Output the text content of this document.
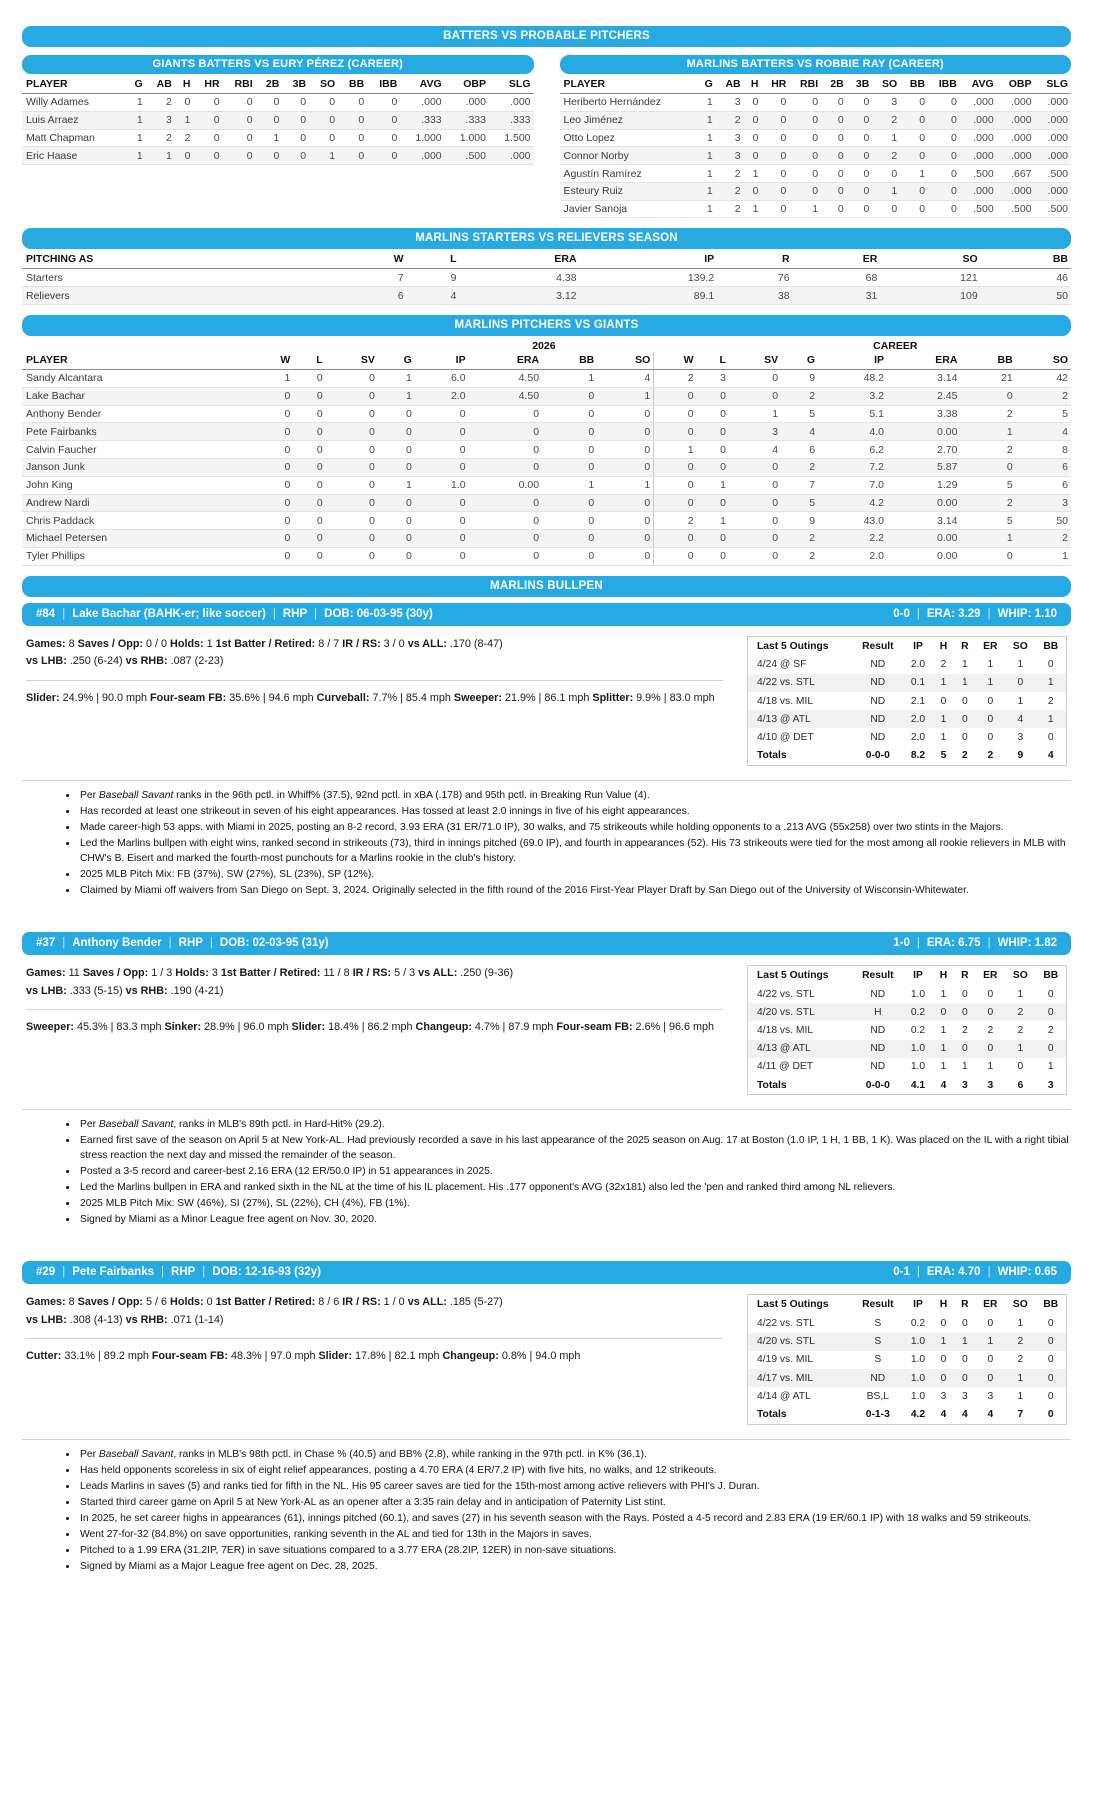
BATTERS VS PROBABLE PITCHERS
GIANTS BATTERS VS EURY PÉREZ (CAREER)
PLAYER	G	AB	H	HR	RBI	2B	3B	SO	BB	IBB	AVG	OBP	SLG
Willy Adames	1	2	0	0	0	0	0	0	0	0	.000	.000	.000
Luis Arraez	1	3	1	0	0	0	0	0	0	0	.333	.333	.333
Matt Chapman	1	2	2	0	0	1	0	0	0	0	1.000	1.000	1.500
Eric Haase	1	1	0	0	0	0	0	1	0	0	.000	.500	.000
MARLINS BATTERS VS ROBBIE RAY (CAREER)
PLAYER	G	AB	H	HR	RBI	2B	3B	SO	BB	IBB	AVG	OBP	SLG
Heriberto Hernández	1	3	0	0	0	0	0	3	0	0	.000	.000	.000
Leo Jiménez	1	2	0	0	0	0	0	2	0	0	.000	.000	.000
Otto Lopez	1	3	0	0	0	0	0	1	0	0	.000	.000	.000
Connor Norby	1	3	0	0	0	0	0	2	0	0	.000	.000	.000
Agustín Ramírez	1	2	1	0	0	0	0	0	1	0	.500	.667	.500
Esteury Ruiz	1	2	0	0	0	0	0	1	0	0	.000	.000	.000
Javier Sanoja	1	2	1	0	1	0	0	0	0	0	.500	.500	.500
MARLINS STARTERS VS RELIEVERS SEASON
PITCHING AS	W	L	ERA	IP	R	ER	SO	BB
Starters	7	9	4.38	139.2	76	68	121	46
Relievers	6	4	3.12	89.1	38	31	109	50
MARLINS PITCHERS VS GIANTS
2026	CAREER
PLAYER	W	L	SV	G	IP	ERA	BB	SO	W	L	SV	G	IP	ERA	BB	SO
Sandy Alcantara	1	0	0	1	6.0	4.50	1	4	2	3	0	9	48.2	3.14	21	42
Lake Bachar	0	0	0	1	2.0	4.50	0	1	0	0	0	2	3.2	2.45	0	2
Anthony Bender	0	0	0	0	0	0	0	0	0	0	1	5	5.1	3.38	2	5
Pete Fairbanks	0	0	0	0	0	0	0	0	0	0	3	4	4.0	0.00	1	4
Calvin Faucher	0	0	0	0	0	0	0	0	1	0	4	6	6.2	2.70	2	8
Janson Junk	0	0	0	0	0	0	0	0	0	0	0	2	7.2	5.87	0	6
John King	0	0	0	1	1.0	0.00	1	1	0	1	0	7	7.0	1.29	5	6
Andrew Nardi	0	0	0	0	0	0	0	0	0	0	0	5	4.2	0.00	2	3
Chris Paddack	0	0	0	0	0	0	0	0	2	1	0	9	43.0	3.14	5	50
Michael Petersen	0	0	0	0	0	0	0	0	0	0	0	2	2.2	0.00	1	2
Tyler Phillips	0	0	0	0	0	0	0	0	0	0	0	2	2.0	0.00	0	1
MARLINS BULLPEN
#84 | Lake Bachar (BAHK-er; like soccer) | RHP | DOB: 06-03-95 (30y)	0-0 | ERA: 3.29 | WHIP: 1.10
Games: 8 Saves / Opp: 0 / 0 Holds: 1 1st Batter / Retired: 8 / 7 IR / RS: 3 / 0 vs ALL: .170 (8-47)
vs LHB: .250 (6-24) vs RHB: .087 (2-23)
Slider: 24.9% | 90.0 mph Four-seam FB: 35.6% | 94.6 mph Curveball: 7.7% | 85.4 mph Sweeper: 21.9% | 86.1 mph Splitter: 9.9% | 83.0 mph
Last 5 Outings	Result	IP	H	R	ER	SO	BB
4/24 @ SF	ND	2.0	2	1	1	1	0
4/22 vs. STL	ND	0.1	1	1	1	0	1
4/18 vs. MIL	ND	2.1	0	0	0	1	2
4/13 @ ATL	ND	2.0	1	0	0	4	1
4/10 @ DET	ND	2.0	1	0	0	3	0
Totals	0-0-0	8.2	5	2	2	9	4
• Per Baseball Savant ranks in the 96th pctl. in Whiff% (37.5), 92nd pctl. in xBA (.178) and 95th pctl. in Breaking Run Value (4).
• Has recorded at least one strikeout in seven of his eight appearances. Has tossed at least 2.0 innings in five of his eight appearances.
• Made career-high 53 apps. with Miami in 2025, posting an 8-2 record, 3.93 ERA (31 ER/71.0 IP), 30 walks, and 75 strikeouts while holding opponents to a .213 AVG (55x258) over two stints in the Majors.
• Led the Marlins bullpen with eight wins, ranked second in strikeouts (73), third in innings pitched (69.0 IP), and fourth in appearances (52). His 73 strikeouts were tied for the most among all rookie relievers in MLB with CHW's B. Eisert and marked the fourth-most punchouts for a Marlins rookie in the club's history.
• 2025 MLB Pitch Mix: FB (37%), SW (27%), SL (23%), SP (12%).
• Claimed by Miami off waivers from San Diego on Sept. 3, 2024. Originally selected in the fifth round of the 2016 First-Year Player Draft by San Diego out of the University of Wisconsin-Whitewater.
#37 | Anthony Bender | RHP | DOB: 02-03-95 (31y)	1-0 | ERA: 6.75 | WHIP: 1.82
Games: 11 Saves / Opp: 1 / 3 Holds: 3 1st Batter / Retired: 11 / 8 IR / RS: 5 / 3 vs ALL: .250 (9-36)
vs LHB: .333 (5-15) vs RHB: .190 (4-21)
Sweeper: 45.3% | 83.3 mph Sinker: 28.9% | 96.0 mph Slider: 18.4% | 86.2 mph Changeup: 4.7% | 87.9 mph Four-seam FB: 2.6% | 96.6 mph
Last 5 Outings	Result	IP	H	R	ER	SO	BB
4/22 vs. STL	ND	1.0	1	0	0	1	0
4/20 vs. STL	H	0.2	0	0	0	2	0
4/18 vs. MIL	ND	0.2	1	2	2	2	2
4/13 @ ATL	ND	1.0	1	0	0	1	0
4/11 @ DET	ND	1.0	1	1	1	0	1
Totals	0-0-0	4.1	4	3	3	6	3
• Per Baseball Savant, ranks in MLB's 89th pctl. in Hard-Hit% (29.2).
• Earned first save of the season on April 5 at New York-AL. Had previously recorded a save in his last appearance of the 2025 season on Aug. 17 at Boston (1.0 IP, 1 H, 1 BB, 1 K). Was placed on the IL with a right tibial stress reaction the next day and missed the remainder of the season.
• Posted a 3-5 record and career-best 2.16 ERA (12 ER/50.0 IP) in 51 appearances in 2025.
• Led the Marlins bullpen in ERA and ranked sixth in the NL at the time of his IL placement. His .177 opponent's AVG (32x181) also led the 'pen and ranked third among NL relievers.
• 2025 MLB Pitch Mix: SW (46%), SI (27%), SL (22%), CH (4%), FB (1%).
• Signed by Miami as a Minor League free agent on Nov. 30, 2020.
#29 | Pete Fairbanks | RHP | DOB: 12-16-93 (32y)	0-1 | ERA: 4.70 | WHIP: 0.65
Games: 8 Saves / Opp: 5 / 6 Holds: 0 1st Batter / Retired: 8 / 6 IR / RS: 1 / 0 vs ALL: .185 (5-27)
vs LHB: .308 (4-13) vs RHB: .071 (1-14)
Cutter: 33.1% | 89.2 mph Four-seam FB: 48.3% | 97.0 mph Slider: 17.8% | 82.1 mph Changeup: 0.8% | 94.0 mph
Last 5 Outings	Result	IP	H	R	ER	SO	BB
4/22 vs. STL	S	0.2	0	0	0	1	0
4/20 vs. STL	S	1.0	1	1	1	2	0
4/19 vs. MIL	S	1.0	0	0	0	2	0
4/17 vs. MIL	ND	1.0	0	0	0	1	0
4/14 @ ATL	BS,L	1.0	3	3	3	1	0
Totals	0-1-3	4.2	4	4	4	7	0
• Per Baseball Savant, ranks in MLB's 98th pctl. in Chase % (40.5) and BB% (2.8), while ranking in the 97th pctl. in K% (36.1).
• Has held opponents scoreless in six of eight relief appearances, posting a 4.70 ERA (4 ER/7.2 IP) with five hits, no walks, and 12 strikeouts.
• Leads Marlins in saves (5) and ranks tied for fifth in the NL. His 95 career saves are tied for the 15th-most among active relievers with PHI's J. Duran.
• Started third career game on April 5 at New York-AL as an opener after a 3:35 rain delay and in anticipation of Paternity List stint.
• In 2025, he set career highs in appearances (61), innings pitched (60.1), and saves (27) in his seventh season with the Rays. Posted a 4-5 record and 2.83 ERA (19 ER/60.1 IP) with 18 walks and 59 strikeouts.
• Went 27-for-32 (84.8%) on save opportunities, ranking seventh in the AL and tied for 13th in the Majors in saves.
• Pitched to a 1.99 ERA (31.2IP, 7ER) in save situations compared to a 3.77 ERA (28.2IP, 12ER) in non-save situations.
• Signed by Miami as a Major League free agent on Dec. 28, 2025.
